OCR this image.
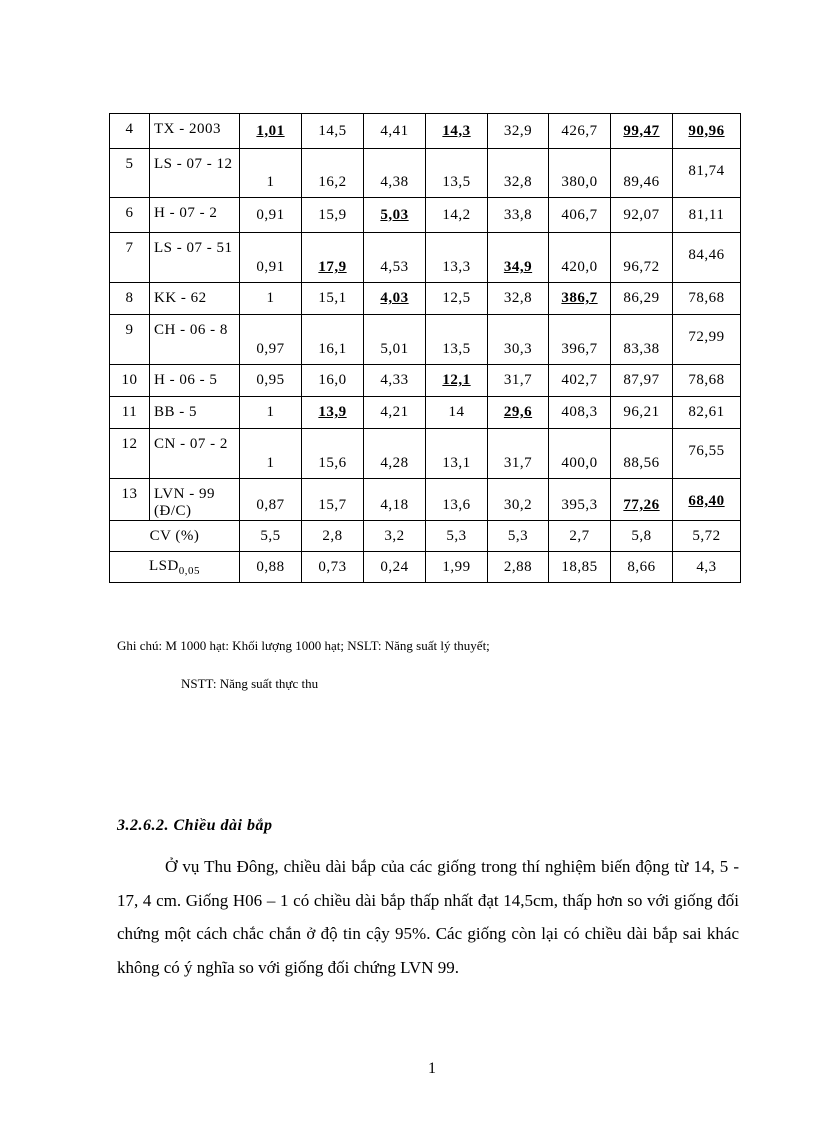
4	TX - 2003	1,01	14,5	4,41	14,3	32,9	426,7	99,47	90,96
5	LS - 07 - 12	1	16,2	4,38	13,5	32,8	380,0	89,46	81,74
6	H - 07 - 2	0,91	15,9	5,03	14,2	33,8	406,7	92,07	81,11
7	LS - 07 - 51	0,91	17,9	4,53	13,3	34,9	420,0	96,72	84,46
8	KK - 62	1	15,1	4,03	12,5	32,8	386,7	86,29	78,68
9	CH - 06 - 8	0,97	16,1	5,01	13,5	30,3	396,7	83,38	72,99
10	H - 06 - 5	0,95	16,0	4,33	12,1	31,7	402,7	87,97	78,68
11	BB - 5	1	13,9	4,21	14	29,6	408,3	96,21	82,61
12	CN - 07 - 2	1	15,6	4,28	13,1	31,7	400,0	88,56	76,55
13	LVN - 99 (Đ/C)	0,87	15,7	4,18	13,6	30,2	395,3	77,26	68,40
CV (%)		5,5	2,8	3,2	5,3	5,3	2,7	5,8	5,72
$LSD_{0,05}$		0,88	0,73	0,24	1,99	2,88	18,85	8,66	4,3
Ghi chú: M 1000 hạt: Khối lượng 1000 hạt; NSLT: Năng suất lý thuyết;
NSTT: Năng suất thực thu
3.2.6.2. Chiều dài bắp
Ở vụ Thu Đông, chiều dài bắp của các giống trong thí nghiệm biến động từ 14, 5 - 17, 4 cm. Giống H06 – 1 có chiều dài bắp thấp nhất đạt 14,5cm, thấp hơn so với giống đối chứng một cách chắc chắn ở độ tin cậy 95%. Các giống còn lại có chiều dài bắp sai khác không có ý nghĩa so với giống đối chứng LVN 99.
1
